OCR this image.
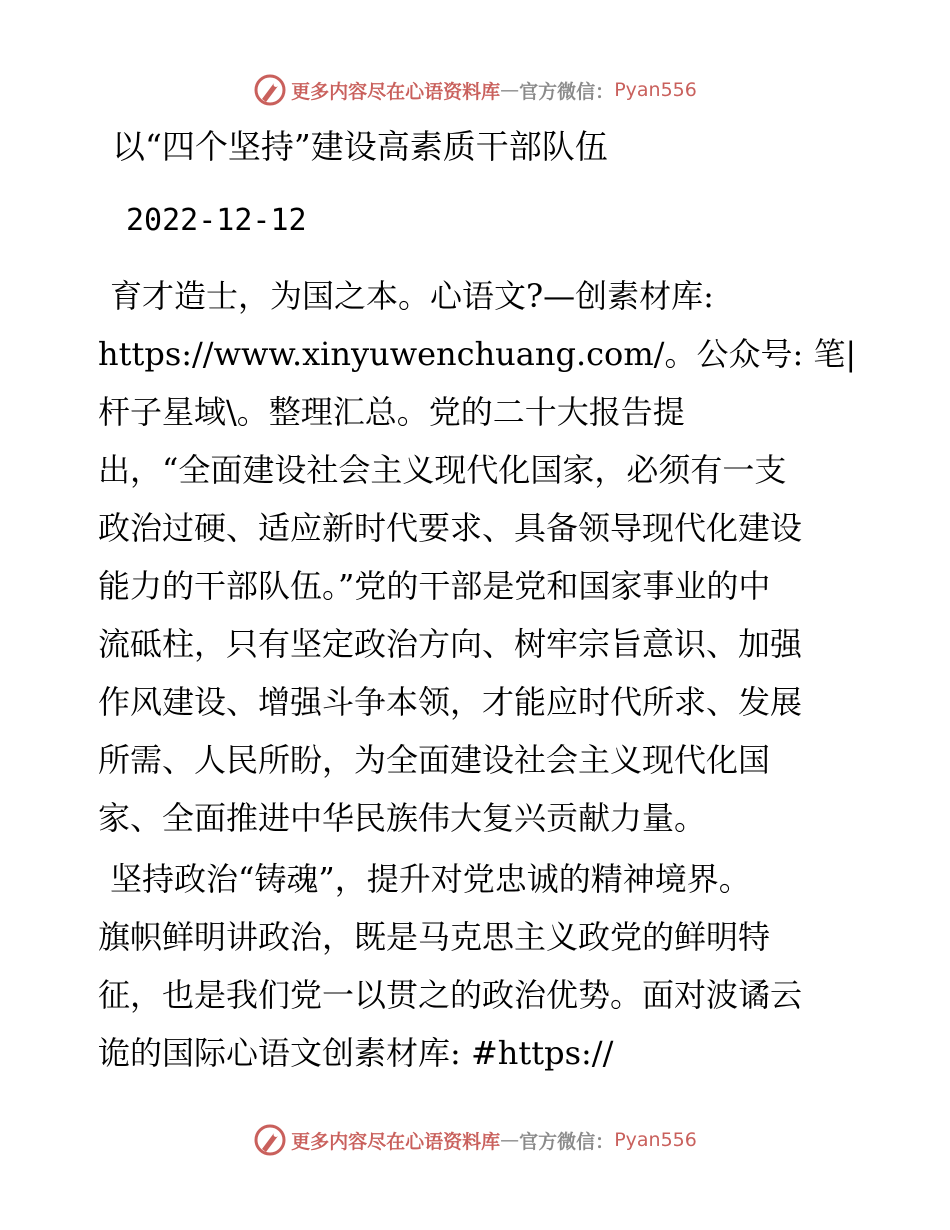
更多内容尽在心语资料库 — 官方微信： Pyan556
以“四个坚持”建设高素质干部队伍
2022-12-12
育才造士，为国之本。心语文?—创素材库:
https://www.xinyuwenchuang.com/。公众号: 笔|
杆子星域\。整理汇总。党的二十大报告提
出，“全面建设社会主义现代化国家，必须有一支
政治过硬、适应新时代要求、具备领导现代化建设
能力的干部队伍。”党的干部是党和国家事业的中
流砥柱，只有坚定政治方向、树牢宗旨意识、加强
作风建设、增强斗争本领，才能应时代所求、发展
所需、人民所盼，为全面建设社会主义现代化国
家、全面推进中华民族伟大复兴贡献力量。
坚持政治“铸魂”，提升对党忠诚的精神境界。
旗帜鲜明讲政治，既是马克思主义政党的鲜明特
征，也是我们党一以贯之的政治优势。面对波谲云
诡的国际心语文创素材库: #https://
更多内容尽在心语资料库 — 官方微信： Pyan556
